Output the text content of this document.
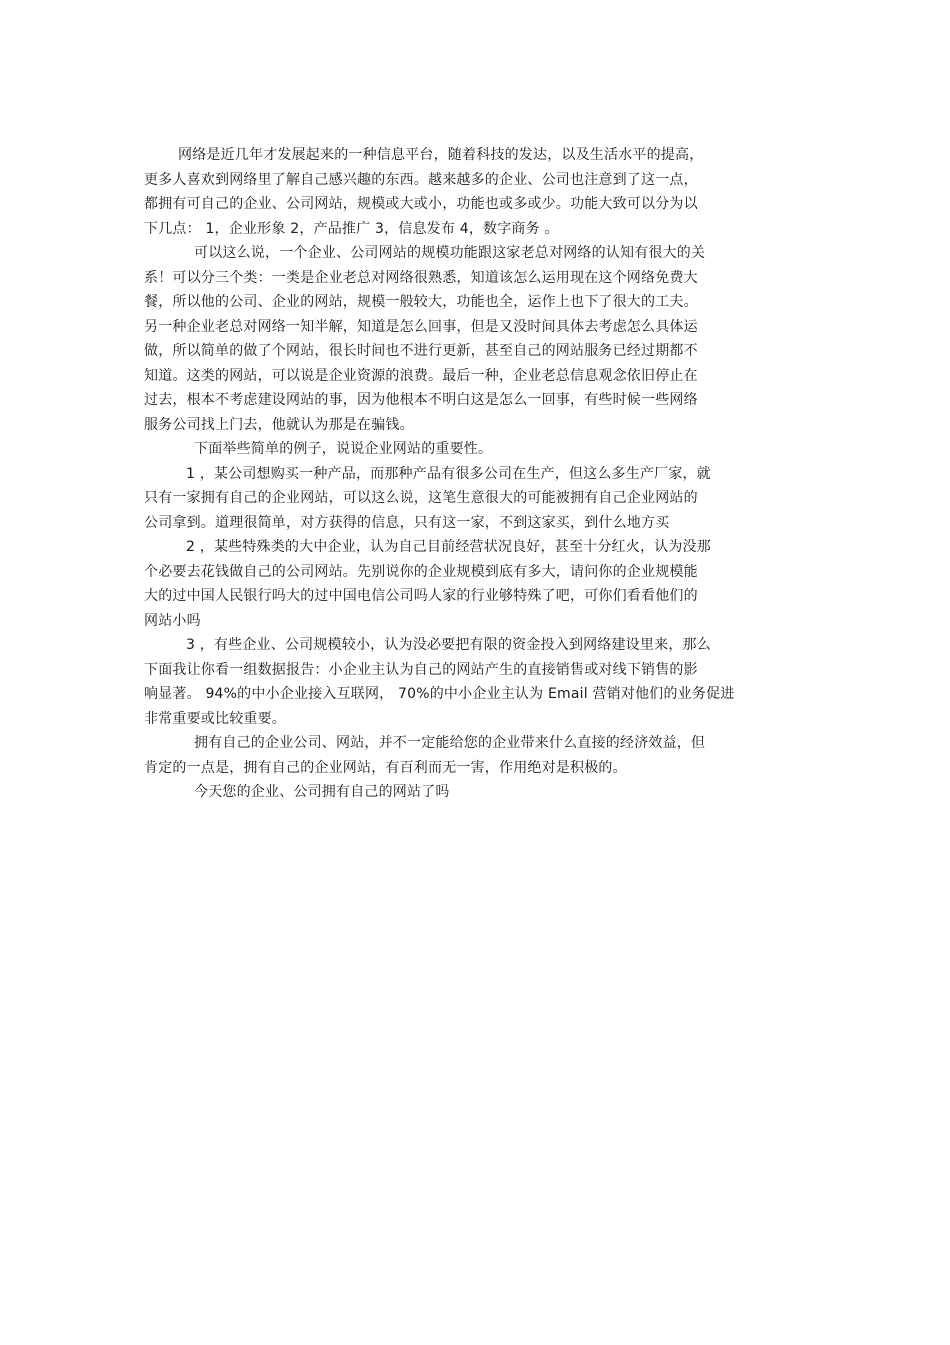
网络是近几年才发展起来的一种信息平台，随着科技的发达，以及生活水平的提高，
更多人喜欢到网络里了解自己感兴趣的东西。越来越多的企业、公司也注意到了这一点，
都拥有可自己的企业、公司网站，规模或大或小，功能也或多或少。功能大致可以分为以
下几点： 1，企业形象 2，产品推广 3，信息发布 4，数字商务 。
可以这么说，一个企业、公司网站的规模功能跟这家老总对网络的认知有很大的关
系！可以分三个类：一类是企业老总对网络很熟悉，知道该怎么运用现在这个网络免费大
餐，所以他的公司、企业的网站，规模一般较大，功能也全，运作上也下了很大的工夫。
另一种企业老总对网络一知半解，知道是怎么回事，但是又没时间具体去考虑怎么具体运
做，所以简单的做了个网站，很长时间也不进行更新，甚至自己的网站服务已经过期都不
知道。这类的网站，可以说是企业资源的浪费。最后一种，企业老总信息观念依旧停止在
过去，根本不考虑建设网站的事，因为他根本不明白这是怎么一回事，有些时候一些网络
服务公司找上门去，他就认为那是在骗钱。
下面举些简单的例子，说说企业网站的重要性。
1 ，某公司想购买一种产品，而那种产品有很多公司在生产，但这么多生产厂家，就
只有一家拥有自己的企业网站，可以这么说，这笔生意很大的可能被拥有自己企业网站的
公司拿到。道理很简单，对方获得的信息，只有这一家，不到这家买，到什么地方买
2 ，某些特殊类的大中企业，认为自己目前经营状况良好，甚至十分红火，认为没那
个必要去花钱做自己的公司网站。先别说你的企业规模到底有多大，请问你的企业规模能
大的过中国人民银行吗大的过中国电信公司吗人家的行业够特殊了吧，可你们看看他们的
网站小吗
3 ，有些企业、公司规模较小，认为没必要把有限的资金投入到网络建设里来，那么
下面我让你看一组数据报告：小企业主认为自己的网站产生的直接销售或对线下销售的影
响显著。 94%的中小企业接入互联网， 70%的中小企业主认为 Email 营销对他们的业务促进
非常重要或比较重要。
拥有自己的企业公司、网站，并不一定能给您的企业带来什么直接的经济效益，但
肯定的一点是，拥有自己的企业网站，有百利而无一害，作用绝对是积极的。
今天您的企业、公司拥有自己的网站了吗
